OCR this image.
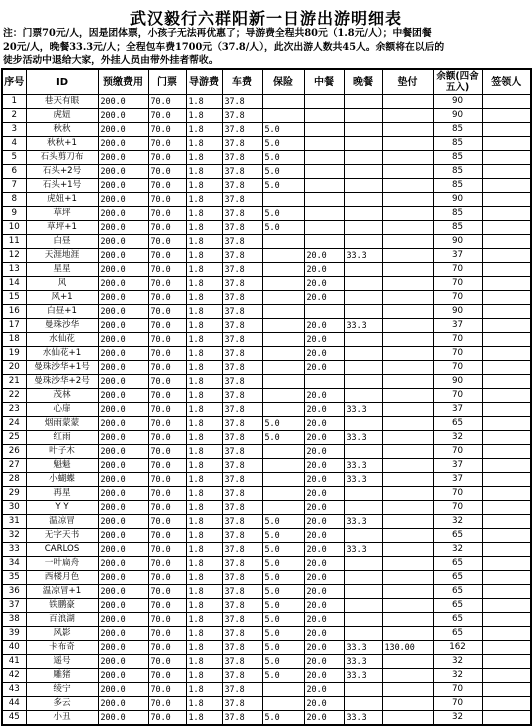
武汉毅行六群阳新一日游出游明细表
注：门票70元/人，因是团体票，小孩子无法再优惠了；导游费全程共80元（1.8元/人）；中餐团餐
20元/人，晚餐33.3元/人；全程包车费1700元（37.8/人），此次出游人数共45人。余额将在以后的
徒步活动中退给大家，外挂人员由带外挂者帮收。
序号	ID	预缴费用	门票	导游费	车费	保险	中餐	晚餐	垫付	余额(四舍五入)	签领人
1	巷天有眼	200.0	70.0	1.8	37.8					90	
2	虎妞	200.0	70.0	1.8	37.8					90	
3	秋秋	200.0	70.0	1.8	37.8	5.0				85	
4	秋秋+1	200.0	70.0	1.8	37.8	5.0				85	
5	石头剪刀布	200.0	70.0	1.8	37.8	5.0				85	
6	石头+2号	200.0	70.0	1.8	37.8	5.0				85	
7	石头+1号	200.0	70.0	1.8	37.8	5.0				85	
8	虎妞+1	200.0	70.0	1.8	37.8					90	
9	草坪	200.0	70.0	1.8	37.8	5.0				85	
10	草坪+1	200.0	70.0	1.8	37.8	5.0				85	
11	白昼	200.0	70.0	1.8	37.8					90	
12	天涯地涯	200.0	70.0	1.8	37.8		20.0	33.3		37	
13	星星	200.0	70.0	1.8	37.8		20.0			70	
14	风	200.0	70.0	1.8	37.8		20.0			70	
15	风+1	200.0	70.0	1.8	37.8		20.0			70	
16	白昼+1	200.0	70.0	1.8	37.8					90	
17	曼珠沙华	200.0	70.0	1.8	37.8		20.0	33.3		37	
18	水仙花	200.0	70.0	1.8	37.8		20.0			70	
19	水仙花+1	200.0	70.0	1.8	37.8		20.0			70	
20	曼珠沙华+1号	200.0	70.0	1.8	37.8		20.0			70	
21	曼珠沙华+2号	200.0	70.0	1.8	37.8					90	
22	茂林	200.0	70.0	1.8	37.8		20.0			70	
23	心扉	200.0	70.0	1.8	37.8		20.0	33.3		37	
24	烟雨蒙蒙	200.0	70.0	1.8	37.8	5.0	20.0			65	
25	红雨	200.0	70.0	1.8	37.8	5.0	20.0	33.3		32	
26	叶子木	200.0	70.0	1.8	37.8		20.0			70	
27	魁魁	200.0	70.0	1.8	37.8		20.0	33.3		37	
28	小蝴蝶	200.0	70.0	1.8	37.8		20.0	33.3		37	
29	再星	200.0	70.0	1.8	37.8		20.0			70	
30	Y Y	200.0	70.0	1.8	37.8		20.0			70	
31	温凉冒	200.0	70.0	1.8	37.8	5.0	20.0	33.3		32	
32	无字天书	200.0	70.0	1.8	37.8	5.0	20.0			65	
33	CARLOS	200.0	70.0	1.8	37.8	5.0	20.0	33.3		32	
34	一叶扁舟	200.0	70.0	1.8	37.8	5.0	20.0			65	
35	西楼月色	200.0	70.0	1.8	37.8	5.0	20.0			65	
36	温凉冒+1	200.0	70.0	1.8	37.8	5.0	20.0			65	
37	铁鹏豪	200.0	70.0	1.8	37.8	5.0	20.0			65	
38	百浪湖	200.0	70.0	1.8	37.8	5.0	20.0			65	
39	风影	200.0	70.0	1.8	37.8	5.0	20.0			65	
40	卡布奇	200.0	70.0	1.8	37.8	5.0	20.0	33.3	130.00	162	
41	遥号	200.0	70.0	1.8	37.8	5.0	20.0	33.3		32	
42	雕猪	200.0	70.0	1.8	37.8	5.0	20.0	33.3		32	
43	绫宁	200.0	70.0	1.8	37.8		20.0			70	
44	多云	200.0	70.0	1.8	37.8		20.0			70	
45	小丑	200.0	70.0	1.8	37.8	5.0	20.0	33.3		32	
